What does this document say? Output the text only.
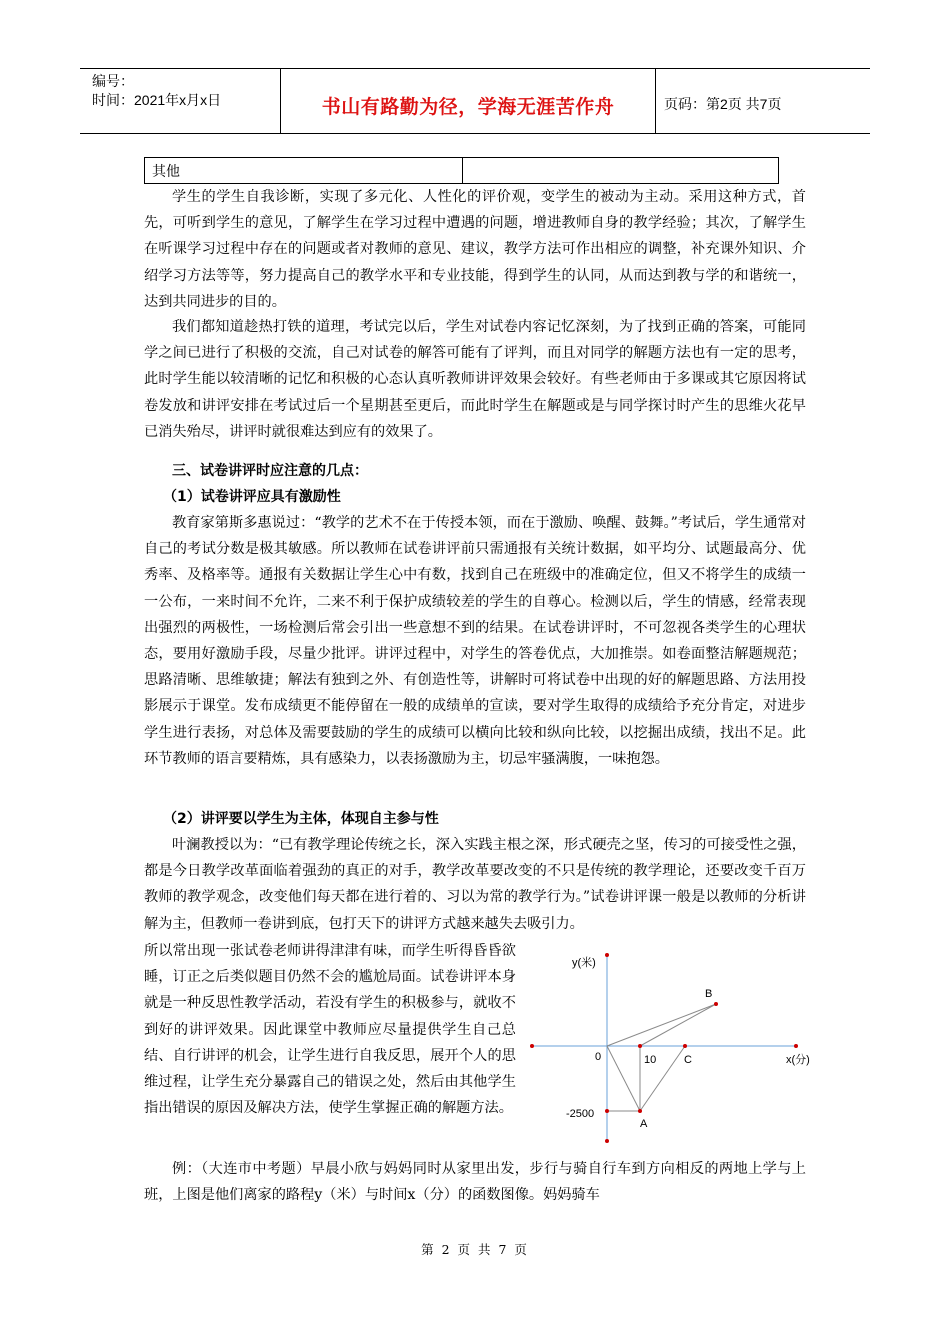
编号：
时间：2021年x月x日	书山有路勤为径，学海无涯苦作舟	页码：第2页 共7页
其他	
学生的学生自我诊断，实现了多元化、人性化的评价观，变学生的被动为主动。采用这种方式，首先，可听到学生的意见，了解学生在学习过程中遭遇的问题，增进教师自身的教学经验；其次，了解学生在听课学习过程中存在的问题或者对教师的意见、建议，教学方法可作出相应的调整，补充课外知识、介绍学习方法等等，努力提高自己的教学水平和专业技能，得到学生的认同，从而达到教与学的和谐统一，达到共同进步的目的。
我们都知道趁热打铁的道理，考试完以后，学生对试卷内容记忆深刻，为了找到正确的答案，可能同学之间已进行了积极的交流，自己对试卷的解答可能有了评判，而且对同学的解题方法也有一定的思考，此时学生能以较清晰的记忆和积极的心态认真听教师讲评效果会较好。有些老师由于多课或其它原因将试卷发放和讲评安排在考试过后一个星期甚至更后，而此时学生在解题或是与同学探讨时产生的思维火花早已消失殆尽，讲评时就很难达到应有的效果了。
三、试卷讲评时应注意的几点：
（1）试卷讲评应具有激励性
教育家第斯多惠说过：“教学的艺术不在于传授本领，而在于激励、唤醒、鼓舞。”考试后，学生通常对自己的考试分数是极其敏感。所以教师在试卷讲评前只需通报有关统计数据，如平均分、试题最高分、优秀率、及格率等。通报有关数据让学生心中有数，找到自己在班级中的准确定位，但又不将学生的成绩一一公布，一来时间不允许，二来不利于保护成绩较差的学生的自尊心。检测以后，学生的情感，经常表现出强烈的两极性，一场检测后常会引出一些意想不到的结果。在试卷讲评时，不可忽视各类学生的心理状态，要用好激励手段，尽量少批评。讲评过程中，对学生的答卷优点，大加推崇。如卷面整洁解题规范；思路清晰、思维敏捷；解法有独到之外、有创造性等，讲解时可将试卷中出现的好的解题思路、方法用投影展示于课堂。发布成绩更不能停留在一般的成绩单的宣读，要对学生取得的成绩给予充分肯定，对进步学生进行表扬，对总体及需要鼓励的学生的成绩可以横向比较和纵向比较，以挖掘出成绩，找出不足。此环节教师的语言要精炼，具有感染力，以表扬激励为主，切忌牢骚满腹，一味抱怨。
（2）讲评要以学生为主体，体现自主参与性
叶澜教授以为：“已有教学理论传统之长，深入实践主根之深，形式硬壳之坚，传习的可接受性之强，都是今日教学改革面临着强劲的真正的对手，教学改革要改变的不只是传统的教学理论，还要改变千百万教师的教学观念，改变他们每天都在进行着的、习以为常的教学行为。”试卷讲评课一般是以教师的分析讲解为主，但教师一卷讲到底，包打天下的讲评方式越来越失去吸引力。
所以常出现一张试卷老师讲得津津有味，而学生听得昏昏欲睡，订正之后类似题目仍然不会的尴尬局面。试卷讲评本身就是一种反思性教学活动，若没有学生的积极参与，就收不到好的讲评效果。因此课堂中教师应尽量提供学生自己总结、自行讲评的机会，让学生进行自我反思，展开个人的思维过程，让学生充分暴露自己的错误之处，然后由其他学生指出错误的原因及解决方法，使学生掌握正确的解题方法。
例：（大连市中考题）早晨小欣与妈妈同时从家里出发，步行与骑自行车到方向相反的两地上学与上班，上图是他们离家的路程y（米）与时间x（分）的函数图像。妈妈骑车
y(米)
x(分)
0	10
-2500
B
C
A
第 2 页 共 7 页
